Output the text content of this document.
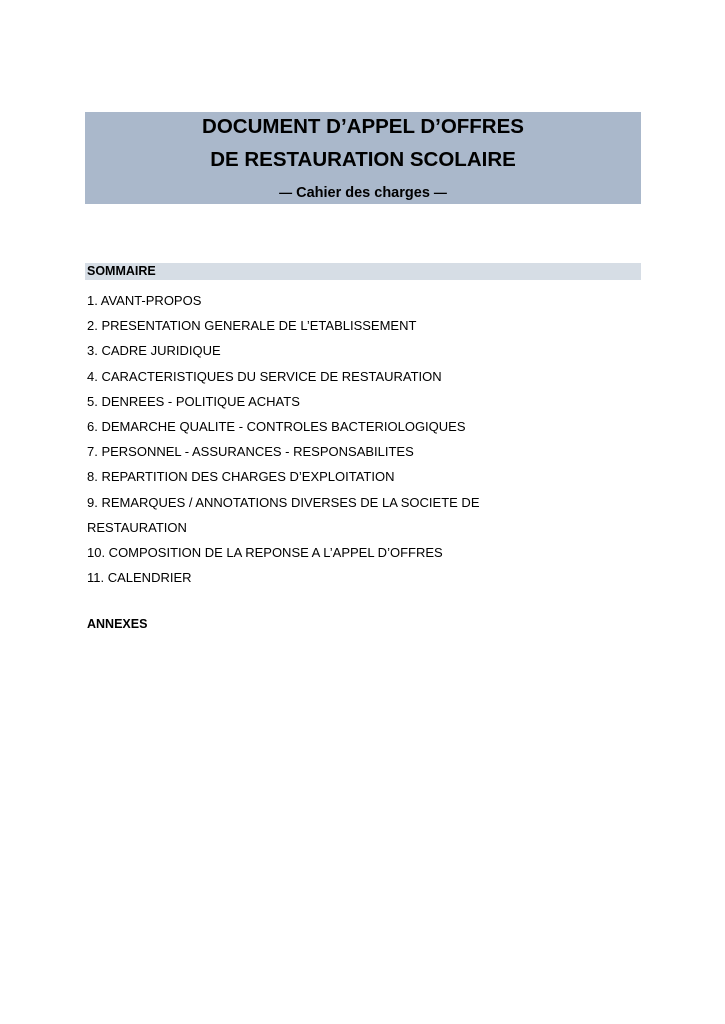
DOCUMENT D’APPEL D’OFFRES
DE RESTAURATION SCOLAIRE
— Cahier des charges —
SOMMAIRE
1. AVANT-PROPOS
2. PRESENTATION GENERALE DE L’ETABLISSEMENT
3. CADRE JURIDIQUE
4. CARACTERISTIQUES DU SERVICE DE RESTAURATION
5. DENREES - POLITIQUE ACHATS
6. DEMARCHE QUALITE - CONTROLES BACTERIOLOGIQUES
7. PERSONNEL - ASSURANCES - RESPONSABILITES
8. REPARTITION DES CHARGES D’EXPLOITATION
9. REMARQUES / ANNOTATIONS DIVERSES DE LA SOCIETE DE
RESTAURATION
10. COMPOSITION DE LA REPONSE A L’APPEL D’OFFRES
11. CALENDRIER
ANNEXES
